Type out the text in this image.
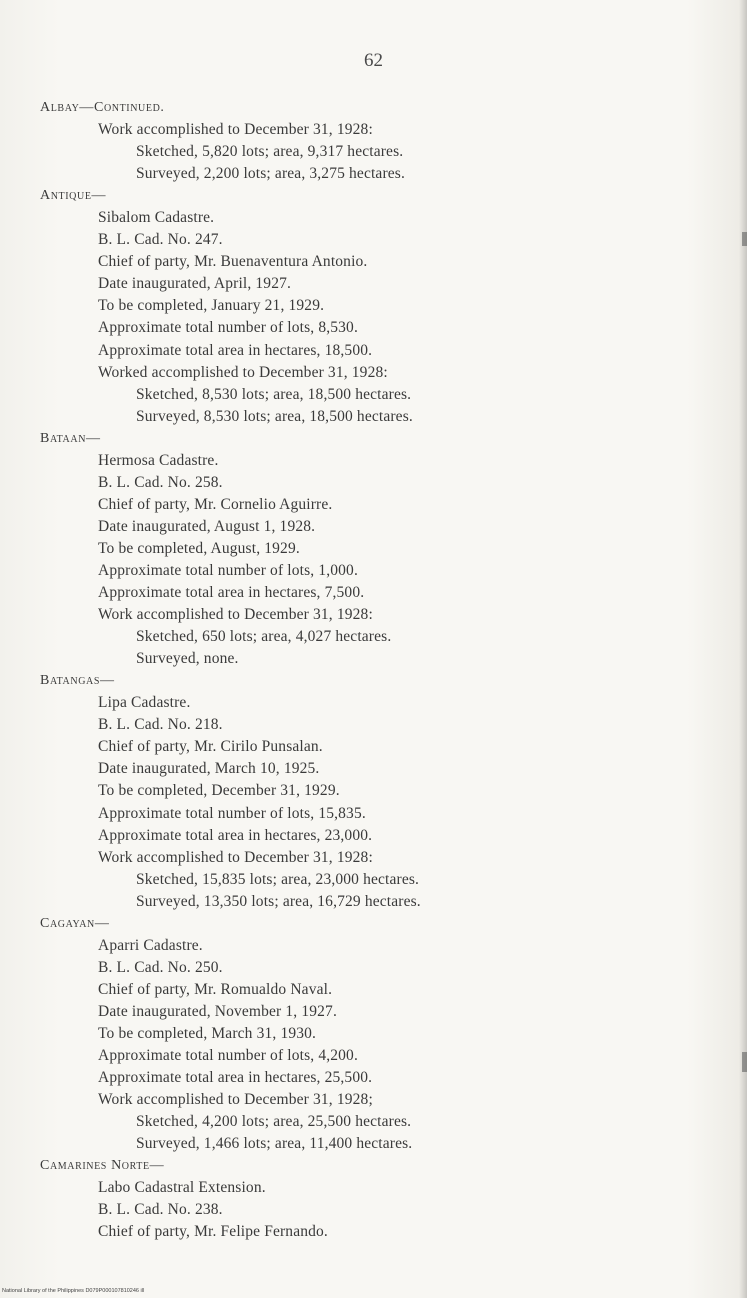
62
Albay—Continued.
Work accomplished to December 31, 1928:
Sketched, 5,820 lots; area, 9,317 hectares.
Surveyed, 2,200 lots; area, 3,275 hectares.
Antique—
Sibalom Cadastre.
B. L. Cad. No. 247.
Chief of party, Mr. Buenaventura Antonio.
Date inaugurated, April, 1927.
To be completed, January 21, 1929.
Approximate total number of lots, 8,530.
Approximate total area in hectares, 18,500.
Worked accomplished to December 31, 1928:
Sketched, 8,530 lots; area, 18,500 hectares.
Surveyed, 8,530 lots; area, 18,500 hectares.
Bataan—
Hermosa Cadastre.
B. L. Cad. No. 258.
Chief of party, Mr. Cornelio Aguirre.
Date inaugurated, August 1, 1928.
To be completed, August, 1929.
Approximate total number of lots, 1,000.
Approximate total area in hectares, 7,500.
Work accomplished to December 31, 1928:
Sketched, 650 lots; area, 4,027 hectares.
Surveyed, none.
Batangas—
Lipa Cadastre.
B. L. Cad. No. 218.
Chief of party, Mr. Cirilo Punsalan.
Date inaugurated, March 10, 1925.
To be completed, December 31, 1929.
Approximate total number of lots, 15,835.
Approximate total area in hectares, 23,000.
Work accomplished to December 31, 1928:
Sketched, 15,835 lots; area, 23,000 hectares.
Surveyed, 13,350 lots; area, 16,729 hectares.
Cagayan—
Aparri Cadastre.
B. L. Cad. No. 250.
Chief of party, Mr. Romualdo Naval.
Date inaugurated, November 1, 1927.
To be completed, March 31, 1930.
Approximate total number of lots, 4,200.
Approximate total area in hectares, 25,500.
Work accomplished to December 31, 1928;
Sketched, 4,200 lots; area, 25,500 hectares.
Surveyed, 1,466 lots; area, 11,400 hectares.
Camarines Norte—
Labo Cadastral Extension.
B. L. Cad. No. 238.
Chief of party, Mr. Felipe Fernando.
National Library of the Philippines D079P000107810246 ill
